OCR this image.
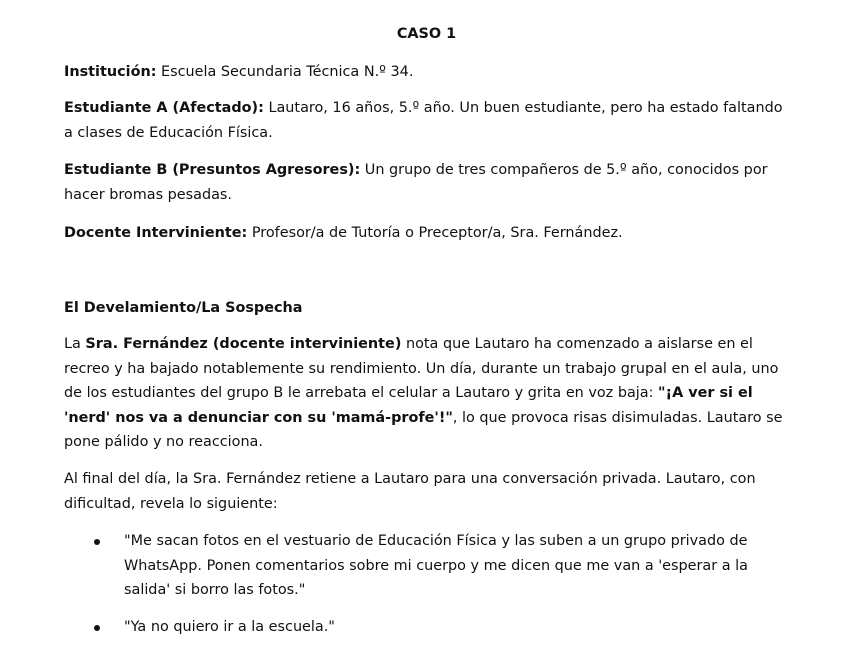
CASO 1
Institución: Escuela Secundaria Técnica N.º 34.
Estudiante A (Afectado): Lautaro, 16 años, 5.º año. Un buen estudiante, pero ha estado faltando a clases de Educación Física.
Estudiante B (Presuntos Agresores): Un grupo de tres compañeros de 5.º año, conocidos por hacer bromas pesadas.
Docente Interviniente: Profesor/a de Tutoría o Preceptor/a, Sra. Fernández.
El Develamiento/La Sospecha
La Sra. Fernández (docente interviniente) nota que Lautaro ha comenzado a aislarse en el recreo y ha bajado notablemente su rendimiento. Un día, durante un trabajo grupal en el aula, uno de los estudiantes del grupo B le arrebata el celular a Lautaro y grita en voz baja: "¡A ver si el 'nerd' nos va a denunciar con su 'mamá-profe'!", lo que provoca risas disimuladas. Lautaro se pone pálido y no reacciona.
Al final del día, la Sra. Fernández retiene a Lautaro para una conversación privada. Lautaro, con dificultad, revela lo siguiente:
"Me sacan fotos en el vestuario de Educación Física y las suben a un grupo privado de WhatsApp. Ponen comentarios sobre mi cuerpo y me dicen que me van a 'esperar a la salida' si borro las fotos."
"Ya no quiero ir a la escuela."
